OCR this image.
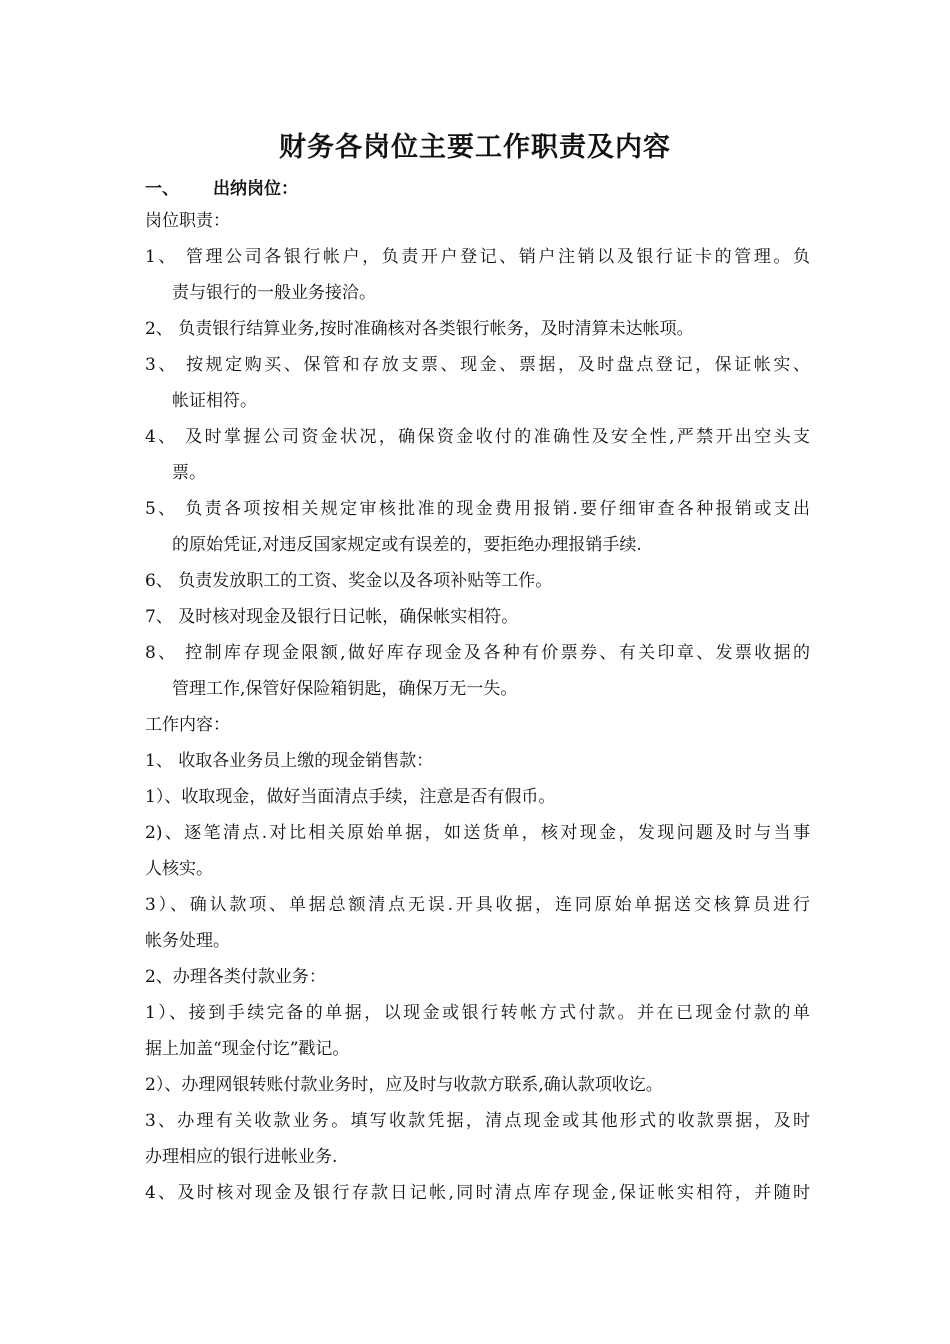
财务各岗位主要工作职责及内容
一、 出纳岗位：
岗位职责：
1、 管理公司各银行帐户，负责开户登记、销户注销以及银行证卡的管理。负
责与银行的一般业务接洽。
2、 负责银行结算业务,按时准确核对各类银行帐务，及时清算未达帐项。
3、 按规定购买、保管和存放支票、现金、票据，及时盘点登记，保证帐实、
帐证相符。
4、 及时掌握公司资金状况，确保资金收付的准确性及安全性,严禁开出空头支
票。
5、 负责各项按相关规定审核批准的现金费用报销.要仔细审查各种报销或支出
的原始凭证,对违反国家规定或有误差的，要拒绝办理报销手续.
6、 负责发放职工的工资、奖金以及各项补贴等工作。
7、 及时核对现金及银行日记帐，确保帐实相符。
8、 控制库存现金限额,做好库存现金及各种有价票券、有关印章、发票收据的
管理工作,保管好保险箱钥匙，确保万无一失。
工作内容：
1、 收取各业务员上缴的现金销售款：
1）、收取现金，做好当面清点手续，注意是否有假币。
2)、逐笔清点.对比相关原始单据，如送货单，核对现金，发现问题及时与当事
人核实。
3）、确认款项、单据总额清点无误.开具收据，连同原始单据送交核算员进行
帐务处理。
2、办理各类付款业务：
1）、接到手续完备的单据，以现金或银行转帐方式付款。并在已现金付款的单
据上加盖“现金付讫”戳记。
2）、办理网银转账付款业务时，应及时与收款方联系,确认款项收讫。
3、办理有关收款业务。填写收款凭据，清点现金或其他形式的收款票据，及时
办理相应的银行进帐业务.
4、及时核对现金及银行存款日记帐,同时清点库存现金,保证帐实相符，并随时
